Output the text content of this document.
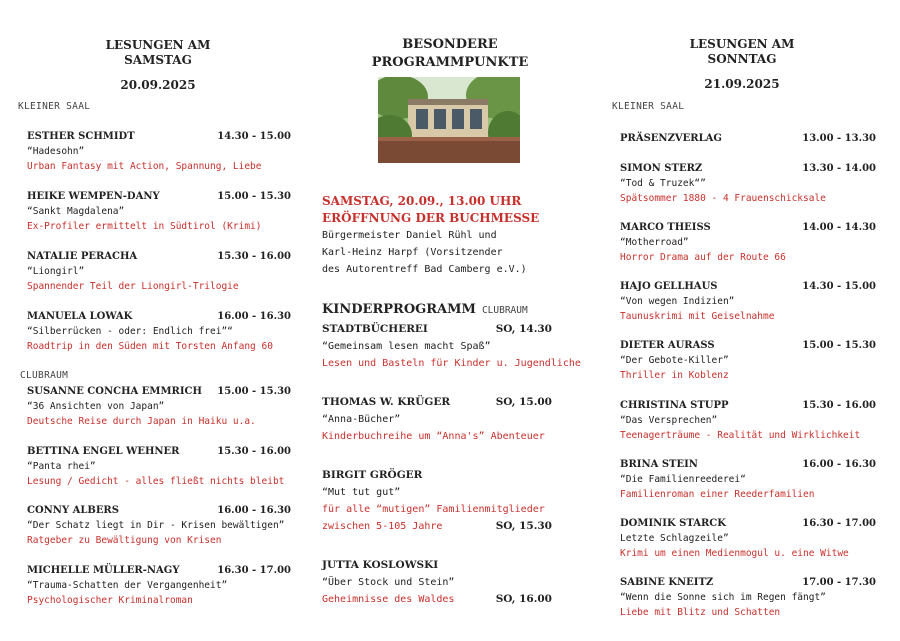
LESUNGEN AM
SAMSTAG
20.09.2025
KLEINER SAAL
ESTHER SCHMIDT	14.30 - 15.00
“Hadesohn”
Urban Fantasy mit Action, Spannung, Liebe
HEIKE WEMPEN-DANY	15.00 - 15.30
“Sankt Magdalena”
Ex-Profiler ermittelt in Südtirol (Krimi)
NATALIE PERACHA	15.30 - 16.00
“Liongirl”
Spannender Teil der Liongirl-Trilogie
MANUELA LOWAK	16.00 - 16.30
“Silberrücken - oder: Endlich frei”“
Roadtrip in den Süden mit Torsten Anfang 60
CLUBRAUM
SUSANNE CONCHA EMMRICH 15.00 - 15.30
“36 Ansichten von Japan”
Deutsche Reise durch Japan in Haiku u.a.
BETTINA ENGEL WEHNER	15.30 - 16.00
“Panta rhei”
Lesung / Gedicht - alles fließt nichts bleibt
CONNY ALBERS	16.00 - 16.30
“Der Schatz liegt in Dir - Krisen bewältigen”
Ratgeber zu Bewältigung von Krisen
MICHELLE MÜLLER-NAGY	16.30 - 17.00
“Trauma-Schatten der Vergangenheit”
Psychologischer Kriminalroman
BESONDERE
PROGRAMMPUNKTE
SAMSTAG, 20.09., 13.00 UHR
ERÖFFNUNG DER BUCHMESSE
Bürgermeister Daniel Rühl und
Karl-Heinz Harpf (Vorsitzender
des Autorentreff Bad Camberg e.V.)
KINDERPROGRAMM CLUBRAUM
STADTBÜCHEREI	SO, 14.30
“Gemeinsam lesen macht Spaß”
Lesen und Basteln für Kinder u. Jugendliche
THOMAS W. KRÜGER	SO, 15.00
“Anna-Bücher”
Kinderbuchreihe um “Anna's” Abenteuer
BIRGIT GRÖGER
“Mut tut gut”
für alle “mutigen” Familienmitglieder
zwischen 5-105 Jahre	SO, 15.30
JUTTA KOSLOWSKI
“Über Stock und Stein”
Geheimnisse des Waldes	SO, 16.00
LESUNGEN AM
SONNTAG
21.09.2025
KLEINER SAAL
PRÄSENZVERLAG	13.00 - 13.30
SIMON STERZ	13.30 - 14.00
“Tod & Truzek“”
Spätsommer 1880 - 4 Frauenschicksale
MARCO THEISS	14.00 - 14.30
“Motherroad”
Horror Drama auf der Route 66
HAJO GELLHAUS	14.30 - 15.00
“Von wegen Indizien”
Taunuskrimi mit Geiselnahme
DIETER AURASS	15.00 - 15.30
“Der Gebote-Killer”
Thriller in Koblenz
CHRISTINA STUPP	15.30 - 16.00
“Das Versprechen”
Teenagerträume - Realität und Wirklichkeit
BRINA STEIN	16.00 - 16.30
“Die Familienreederei“
Familienroman einer Reederfamilien
DOMINIK STARCK	16.30 - 17.00
Letzte Schlagzeile”
Krimi um einen Medienmogul u. eine Witwe
SABINE KNEITZ	17.00 - 17.30
“Wenn die Sonne sich im Regen fängt”
Liebe mit Blitz und Schatten
